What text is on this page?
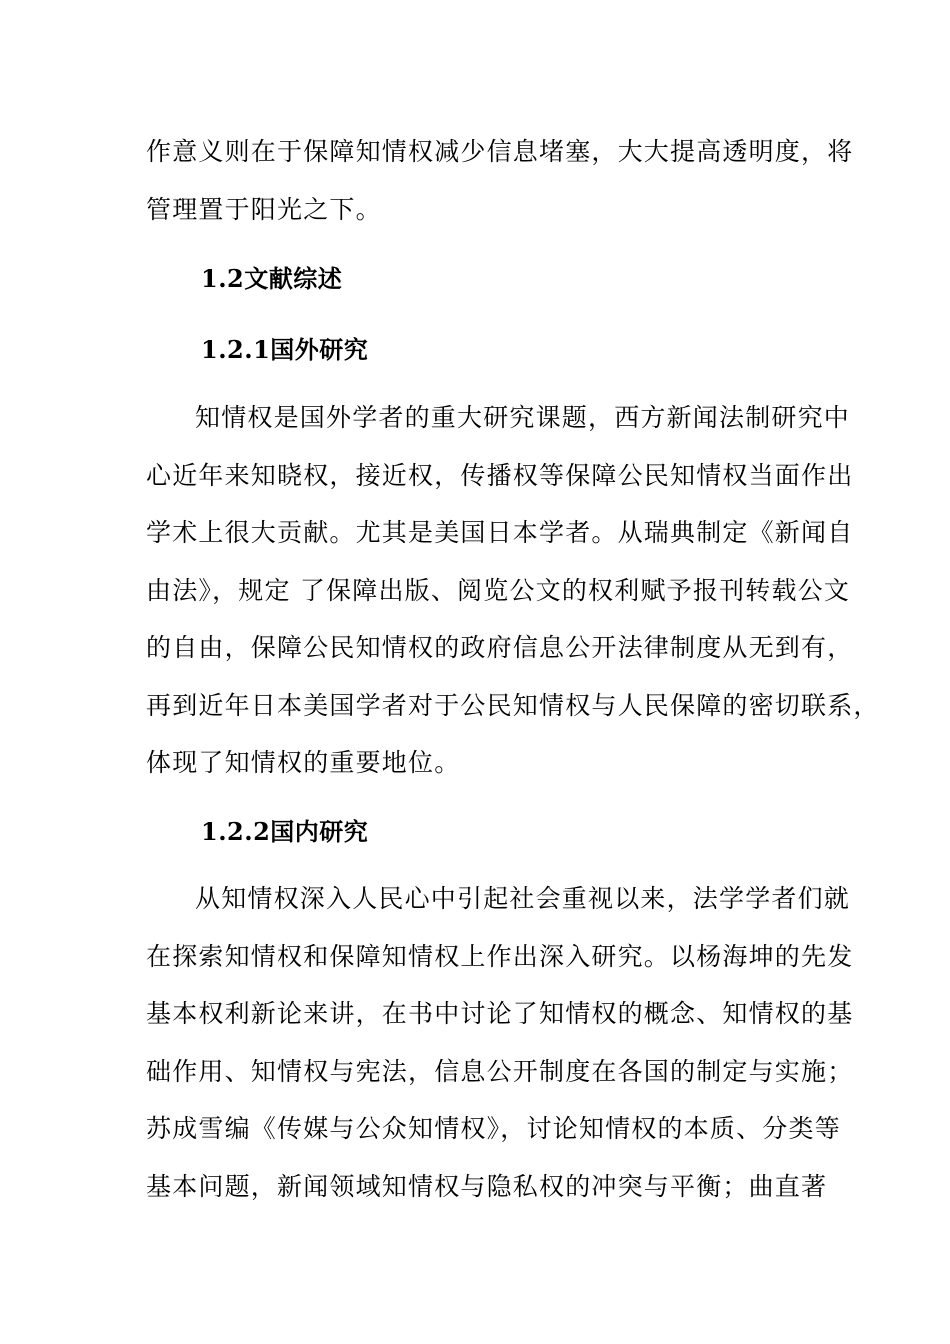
作意义则在于保障知情权减少信息堵塞，大大提高透明度，将
管理置于阳光之下。
1.2文献综述
1.2.1国外研究
知情权是国外学者的重大研究课题，西方新闻法制研究中
心近年来知晓权，接近权，传播权等保障公民知情权当面作出
学术上很大贡献。尤其是美国日本学者。从瑞典制定《新闻自
由法》，规定 了保障出版、阅览公文的权利赋予报刊转载公文
的自由，保障公民知情权的政府信息公开法律制度从无到有，
再到近年日本美国学者对于公民知情权与人民保障的密切联系，
体现了知情权的重要地位。
1.2.2国内研究
从知情权深入人民心中引起社会重视以来，法学学者们就
在探索知情权和保障知情权上作出深入研究。以杨海坤的先发
基本权利新论来讲，在书中讨论了知情权的概念、知情权的基
础作用、知情权与宪法，信息公开制度在各国的制定与实施；
苏成雪编《传媒与公众知情权》，讨论知情权的本质、分类等
基本问题，新闻领域知情权与隐私权的冲突与平衡；曲直著
